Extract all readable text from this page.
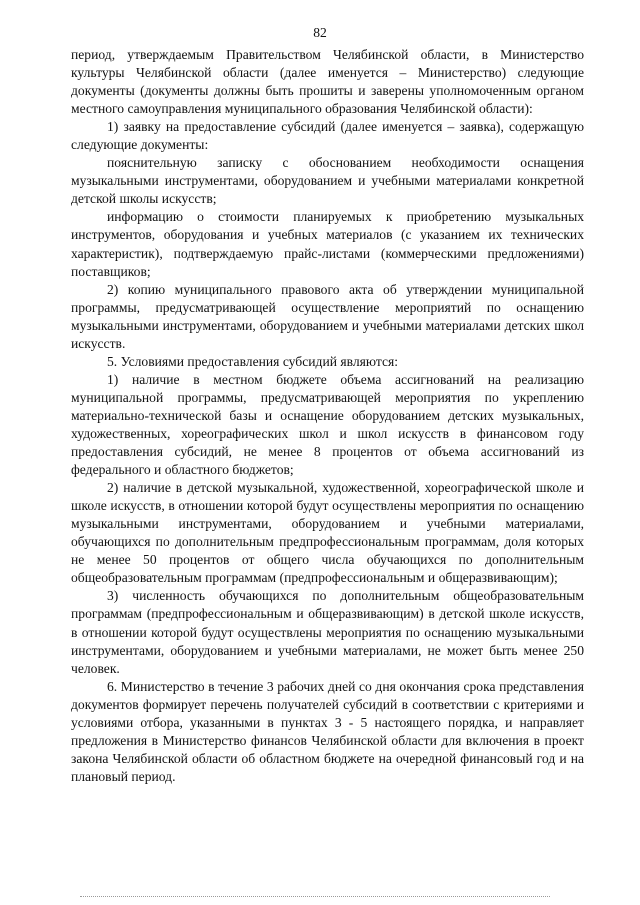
82

период, утверждаемым Правительством Челябинской области, в Министерство культуры Челябинской области (далее именуется – Министерство) следующие документы (документы должны быть прошиты и заверены уполномоченным органом местного самоуправления муниципального образования Челябинской области):

1) заявку на предоставление субсидий (далее именуется – заявка), содержащую следующие документы:

пояснительную записку с обоснованием необходимости оснащения музыкальными инструментами, оборудованием и учебными материалами конкретной детской школы искусств;

информацию о стоимости планируемых к приобретению музыкальных инструментов, оборудования и учебных материалов (с указанием их технических характеристик), подтверждаемую прайс-листами (коммерческими предложениями) поставщиков;

2) копию муниципального правового акта об утверждении муниципальной программы, предусматривающей осуществление мероприятий по оснащению музыкальными инструментами, оборудованием и учебными материалами детских школ искусств.

5. Условиями предоставления субсидий являются:

1) наличие в местном бюджете объема ассигнований на реализацию муниципальной программы, предусматривающей мероприятия по укреплению материально-технической базы и оснащение оборудованием детских музыкальных, художественных, хореографических школ и школ искусств в финансовом году предоставления субсидий, не менее 8 процентов от объема ассигнований из федерального и областного бюджетов;

2) наличие в детской музыкальной, художественной, хореографической школе и школе искусств, в отношении которой будут осуществлены мероприятия по оснащению музыкальными инструментами, оборудованием и учебными материалами, обучающихся по дополнительным предпрофессиональным программам, доля которых не менее 50 процентов от общего числа обучающихся по дополнительным общеобразовательным программам (предпрофессиональным и общеразвивающим);

3) численность обучающихся по дополнительным общеобразовательным программам (предпрофессиональным и общеразвивающим) в детской школе искусств, в отношении которой будут осуществлены мероприятия по оснащению музыкальными инструментами, оборудованием и учебными материалами, не может быть менее 250 человек.

6. Министерство в течение 3 рабочих дней со дня окончания срока представления документов формирует перечень получателей субсидий в соответствии с критериями и условиями отбора, указанными в пунктах 3 - 5 настоящего порядка, и направляет предложения в Министерство финансов Челябинской области для включения в проект закона Челябинской области об областном бюджете на очередной финансовый год и на плановый период.
